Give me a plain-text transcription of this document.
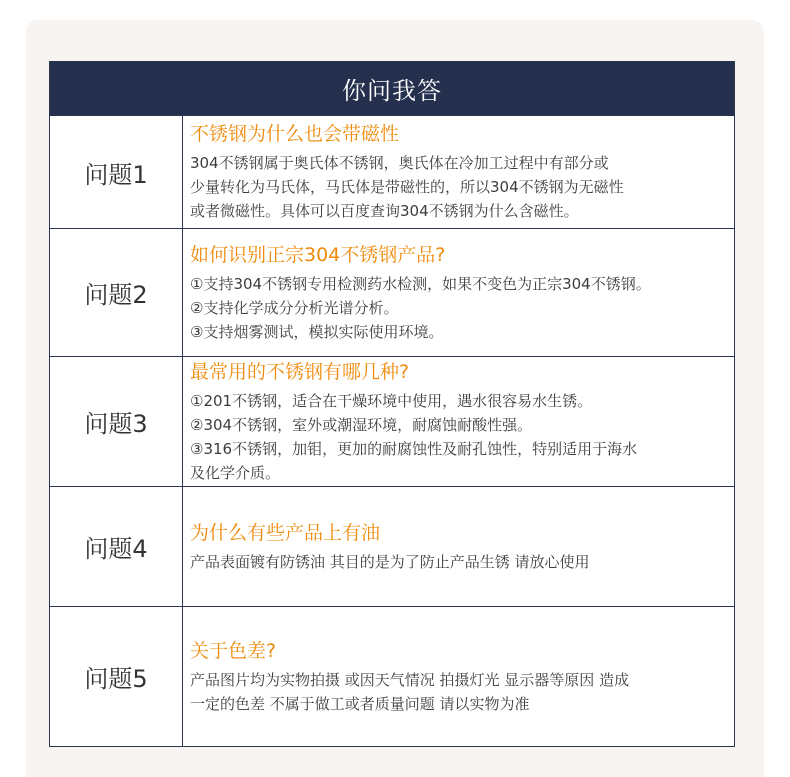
你问我答
问题1
不锈钢为什么也会带磁性
304不锈钢属于奥氏体不锈钢，奥氏体在冷加工过程中有部分或
少量转化为马氏体，马氏体是带磁性的，所以304不锈钢为无磁性
或者微磁性。具体可以百度查询304不锈钢为什么含磁性。
问题2
如何识别正宗304不锈钢产品?
①支持304不锈钢专用检测药水检测，如果不变色为正宗304不锈钢。
②支持化学成分分析光谱分析。
③支持烟雾测试，模拟实际使用环境。
问题3
最常用的不锈钢有哪几种?
①201不锈钢，适合在干燥环境中使用，遇水很容易水生锈。
②304不锈钢，室外或潮湿环境，耐腐蚀耐酸性强。
③316不锈钢，加钼，更加的耐腐蚀性及耐孔蚀性，特别适用于海水
及化学介质。
问题4
为什么有些产品上有油
产品表面镀有防锈油 其目的是为了防止产品生锈 请放心使用
问题5
关于色差?
产品图片均为实物拍摄 或因天气情况 拍摄灯光 显示器等原因 造成
一定的色差 不属于做工或者质量问题 请以实物为准
